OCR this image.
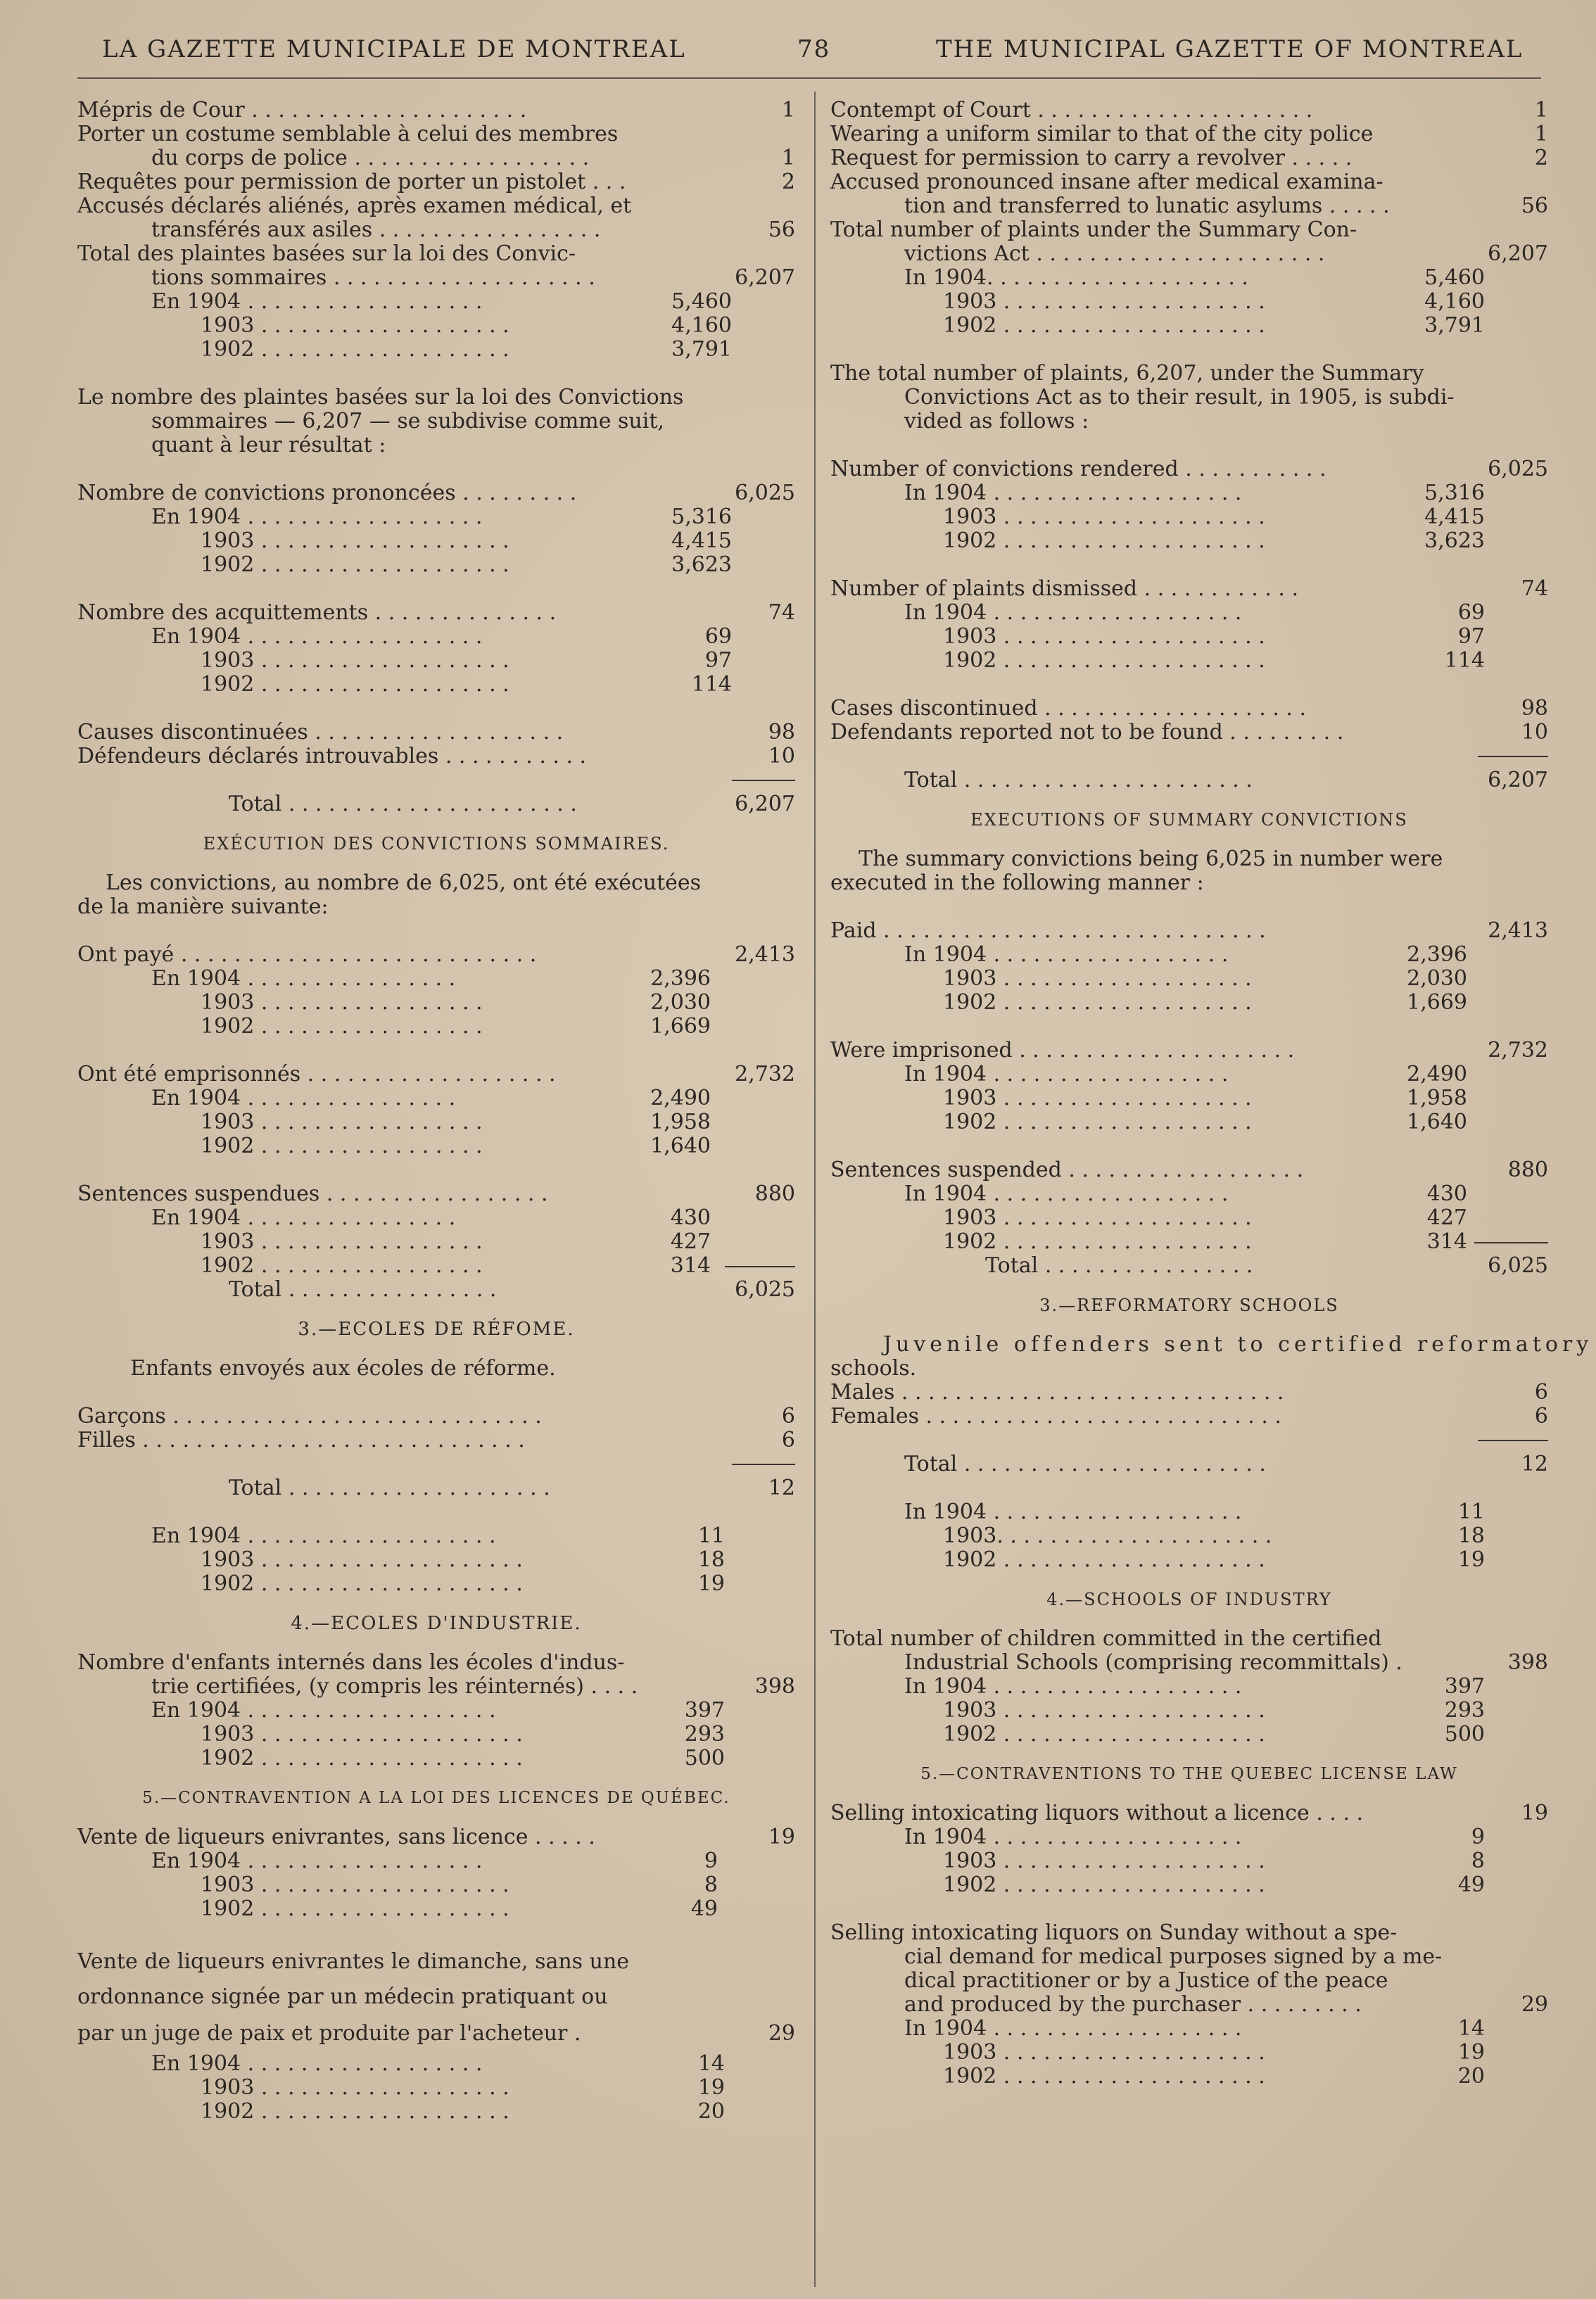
LA GAZETTE MUNICIPALE DE MONTREAL	78	THE MUNICIPAL GAZETTE OF MONTREAL
Mépris de Cour . . . . . . . . . . . . . . . . . . . . .	1
Porter un costume semblable à celui des membres
du corps de police . . . . . . . . . . . . . . . . . .	1
Requêtes pour permission de porter un pistolet . . .	2
Accusés déclarés aliénés, après examen médical, et
transférés aux asiles . . . . . . . . . . . . . . . . .	56
Total des plaintes basées sur la loi des Convic-
tions sommaires . . . . . . . . . . . . . . . . . . . .	6,207
En 1904 . . . . . . . . . . . . . . . . . .	5,460
1903 . . . . . . . . . . . . . . . . . . .	4,160
1902 . . . . . . . . . . . . . . . . . . .	3,791
Le nombre des plaintes basées sur la loi des Convictions
sommaires — 6,207 — se subdivise comme suit,
quant à leur résultat :
Nombre de convictions prononcées . . . . . . . . .	6,025
En 1904 . . . . . . . . . . . . . . . . . .	5,316
1903 . . . . . . . . . . . . . . . . . . .	4,415
1902 . . . . . . . . . . . . . . . . . . .	3,623
Nombre des acquittements . . . . . . . . . . . . . .	74
En 1904 . . . . . . . . . . . . . . . . . .	69
1903 . . . . . . . . . . . . . . . . . . .	97
1902 . . . . . . . . . . . . . . . . . . .	114
Causes discontinuées . . . . . . . . . . . . . . . . . . .	98
Défendeurs déclarés introuvables . . . . . . . . . . .	10
Total . . . . . . . . . . . . . . . . . . . . . .	6,207
EXÉCUTION DES CONVICTIONS SOMMAIRES.
Les convictions, au nombre de 6,025, ont été exécutées
de la manière suivante:
Ont payé . . . . . . . . . . . . . . . . . . . . . . . . . . .	2,413
En 1904 . . . . . . . . . . . . . . . .	2,396
1903 . . . . . . . . . . . . . . . . .	2,030
1902 . . . . . . . . . . . . . . . . .	1,669
Ont été emprisonnés . . . . . . . . . . . . . . . . . . .	2,732
En 1904 . . . . . . . . . . . . . . . .	2,490
1903 . . . . . . . . . . . . . . . . .	1,958
1902 . . . . . . . . . . . . . . . . .	1,640
Sentences suspendues . . . . . . . . . . . . . . . . .	880
En 1904 . . . . . . . . . . . . . . . .	430
1903 . . . . . . . . . . . . . . . . .	427
1902 . . . . . . . . . . . . . . . . .	314
Total . . . . . . . . . . . . . . . .	6,025
3.—ECOLES DE RÉFOME.
Enfants envoyés aux écoles de réforme.
Garçons . . . . . . . . . . . . . . . . . . . . . . . . . . . .	6
Filles . . . . . . . . . . . . . . . . . . . . . . . . . . . . .	6
Total . . . . . . . . . . . . . . . . . . . .	12
En 1904 . . . . . . . . . . . . . . . . . . .	11
1903 . . . . . . . . . . . . . . . . . . . .	18
1902 . . . . . . . . . . . . . . . . . . . .	19
4.—ECOLES D'INDUSTRIE.
Nombre d'enfants internés dans les écoles d'indus-
trie certifiées, (y compris les réinternés) . . . .	398
En 1904 . . . . . . . . . . . . . . . . . . .	397
1903 . . . . . . . . . . . . . . . . . . . .	293
1902 . . . . . . . . . . . . . . . . . . . .	500
5.—CONTRAVENTION A LA LOI DES LICENCES DE QUÉBEC.
Vente de liqueurs enivrantes, sans licence . . . . .	19
En 1904 . . . . . . . . . . . . . . . . . .	9
1903 . . . . . . . . . . . . . . . . . . .	8
1902 . . . . . . . . . . . . . . . . . . .	49
Vente de liqueurs enivrantes le dimanche, sans une
ordonnance signée par un médecin pratiquant ou
par un juge de paix et produite par l'acheteur .	29
En 1904 . . . . . . . . . . . . . . . . . .	14
1903 . . . . . . . . . . . . . . . . . . .	19
1902 . . . . . . . . . . . . . . . . . . .	20
Contempt of Court . . . . . . . . . . . . . . . . . . . . .	1
Wearing a uniform similar to that of the city police	1
Request for permission to carry a revolver . . . . .	2
Accused pronounced insane after medical examina-
tion and transferred to lunatic asylums . . . . .	56
Total number of plaints under the Summary Con-
victions Act . . . . . . . . . . . . . . . . . . . . . .	6,207
In 1904. . . . . . . . . . . . . . . . . . . .	5,460
1903 . . . . . . . . . . . . . . . . . . . .	4,160
1902 . . . . . . . . . . . . . . . . . . . .	3,791
The total number of plaints, 6,207, under the Summary
Convictions Act as to their result, in 1905, is subdi-
vided as follows :
Number of convictions rendered . . . . . . . . . . .	6,025
In 1904 . . . . . . . . . . . . . . . . . . .	5,316
1903 . . . . . . . . . . . . . . . . . . . .	4,415
1902 . . . . . . . . . . . . . . . . . . . .	3,623
Number of plaints dismissed . . . . . . . . . . . .	74
In 1904 . . . . . . . . . . . . . . . . . . .	69
1903 . . . . . . . . . . . . . . . . . . . .	97
1902 . . . . . . . . . . . . . . . . . . . .	114
Cases discontinued . . . . . . . . . . . . . . . . . . . .	98
Defendants reported not to be found . . . . . . . . .	10
Total . . . . . . . . . . . . . . . . . . . . . .	6,207
EXECUTIONS OF SUMMARY CONVICTIONS
The summary convictions being 6,025 in number were
executed in the following manner :
Paid . . . . . . . . . . . . . . . . . . . . . . . . . . . . .	2,413
In 1904 . . . . . . . . . . . . . . . . . .	2,396
1903 . . . . . . . . . . . . . . . . . . .	2,030
1902 . . . . . . . . . . . . . . . . . . .	1,669
Were imprisoned . . . . . . . . . . . . . . . . . . . . .	2,732
In 1904 . . . . . . . . . . . . . . . . . .	2,490
1903 . . . . . . . . . . . . . . . . . . .	1,958
1902 . . . . . . . . . . . . . . . . . . .	1,640
Sentences suspended . . . . . . . . . . . . . . . . . .	880
In 1904 . . . . . . . . . . . . . . . . . .	430
1903 . . . . . . . . . . . . . . . . . . .	427
1902 . . . . . . . . . . . . . . . . . . .	314
Total . . . . . . . . . . . . . . . .	6,025
3.—REFORMATORY SCHOOLS
Juvenile offenders sent to certified reformatory
schools.
Males . . . . . . . . . . . . . . . . . . . . . . . . . . . . .	6
Females . . . . . . . . . . . . . . . . . . . . . . . . . . .	6
Total . . . . . . . . . . . . . . . . . . . . . . .	12
In 1904 . . . . . . . . . . . . . . . . . . .	11
1903. . . . . . . . . . . . . . . . . . . . .	18
1902 . . . . . . . . . . . . . . . . . . . .	19
4.—SCHOOLS OF INDUSTRY
Total number of children committed in the certified
Industrial Schools (comprising recommittals) .	398
In 1904 . . . . . . . . . . . . . . . . . . .	397
1903 . . . . . . . . . . . . . . . . . . . .	293
1902 . . . . . . . . . . . . . . . . . . . .	500
5.—CONTRAVENTIONS TO THE QUEBEC LICENSE LAW
Selling intoxicating liquors without a licence . . . .	19
In 1904 . . . . . . . . . . . . . . . . . . .	9
1903 . . . . . . . . . . . . . . . . . . . .	8
1902 . . . . . . . . . . . . . . . . . . . .	49
Selling intoxicating liquors on Sunday without a spe-
cial demand for medical purposes signed by a me-
dical practitioner or by a Justice of the peace
and produced by the purchaser . . . . . . . . .	29
In 1904 . . . . . . . . . . . . . . . . . . .	14
1903 . . . . . . . . . . . . . . . . . . . .	19
1902 . . . . . . . . . . . . . . . . . . . .	20
